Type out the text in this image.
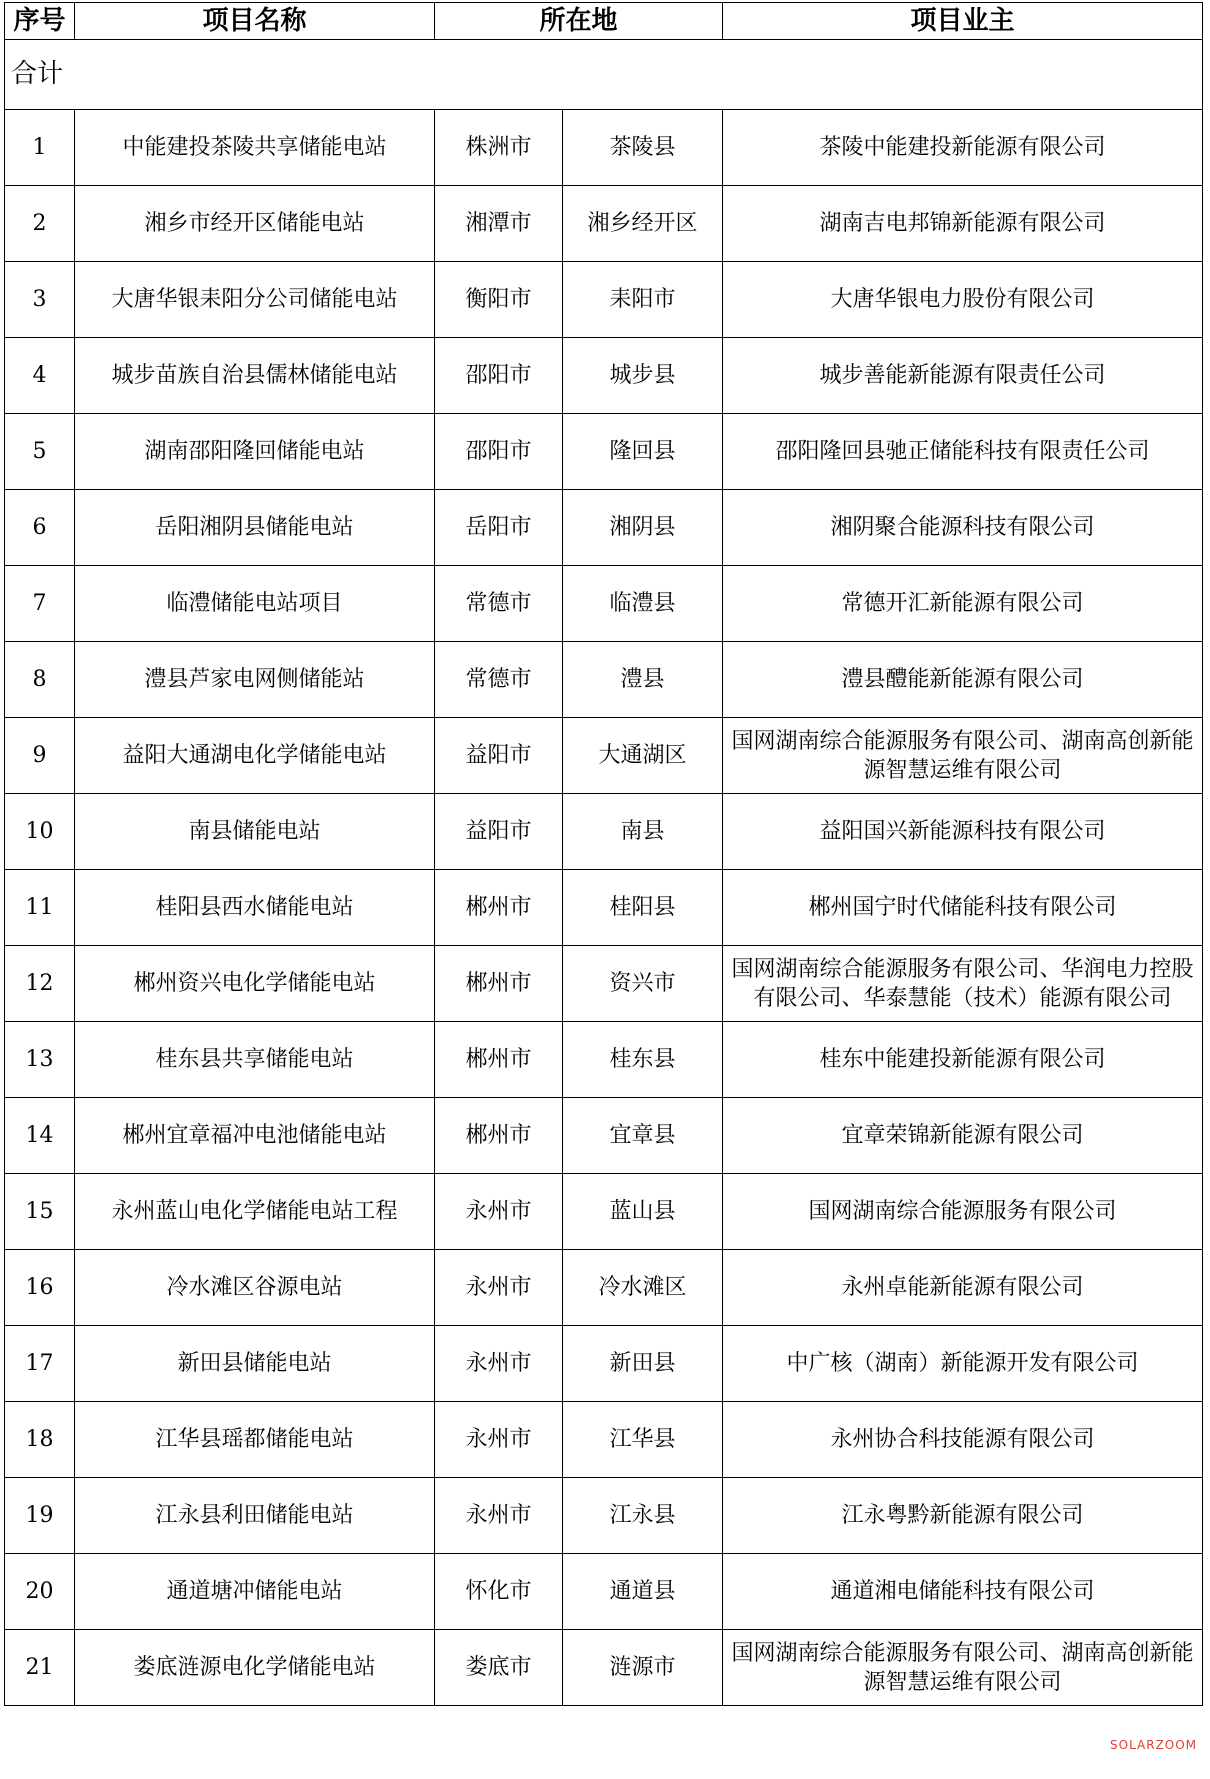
序号	项目名称	所在地		项目业主
合计				
1	中能建投茶陵共享储能电站	株洲市	茶陵县	茶陵中能建投新能源有限公司
2	湘乡市经开区储能电站	湘潭市	湘乡经开区	湖南吉电邦锦新能源有限公司
3	大唐华银耒阳分公司储能电站	衡阳市	耒阳市	大唐华银电力股份有限公司
4	城步苗族自治县儒林储能电站	邵阳市	城步县	城步善能新能源有限责任公司
5	湖南邵阳隆回储能电站	邵阳市	隆回县	邵阳隆回县驰正储能科技有限责任公司
6	岳阳湘阴县储能电站	岳阳市	湘阴县	湘阴聚合能源科技有限公司
7	临澧储能电站项目	常德市	临澧县	常德开汇新能源有限公司
8	澧县芦家电网侧储能站	常德市	澧县	澧县醴能新能源有限公司
9	益阳大通湖电化学储能电站	益阳市	大通湖区	国网湖南综合能源服务有限公司、湖南高创新能源智慧运维有限公司
10	南县储能电站	益阳市	南县	益阳国兴新能源科技有限公司
11	桂阳县西水储能电站	郴州市	桂阳县	郴州国宁时代储能科技有限公司
12	郴州资兴电化学储能电站	郴州市	资兴市	国网湖南综合能源服务有限公司、华润电力控股有限公司、华泰慧能（技术）能源有限公司
13	桂东县共享储能电站	郴州市	桂东县	桂东中能建投新能源有限公司
14	郴州宜章福冲电池储能电站	郴州市	宜章县	宜章荣锦新能源有限公司
15	永州蓝山电化学储能电站工程	永州市	蓝山县	国网湖南综合能源服务有限公司
16	冷水滩区谷源电站	永州市	冷水滩区	永州卓能新能源有限公司
17	新田县储能电站	永州市	新田县	中广核（湖南）新能源开发有限公司
18	江华县瑶都储能电站	永州市	江华县	永州协合科技能源有限公司
19	江永县利田储能电站	永州市	江永县	江永粤黔新能源有限公司
20	通道塘冲储能电站	怀化市	通道县	通道湘电储能科技有限公司
21	娄底涟源电化学储能电站	娄底市	涟源市	国网湖南综合能源服务有限公司、湖南高创新能源智慧运维有限公司
SOLARZOOM
